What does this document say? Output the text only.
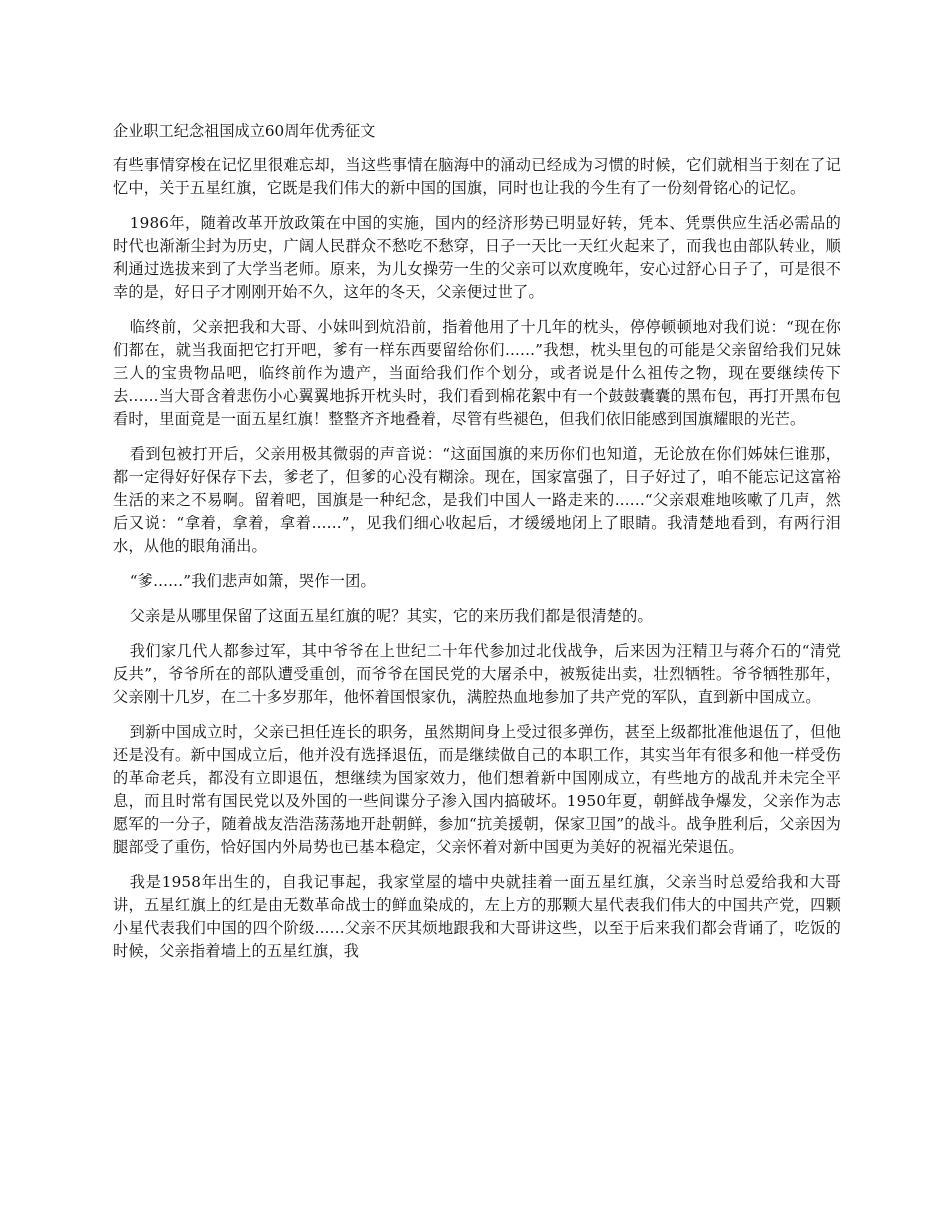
企业职工纪念祖国成立60周年优秀征文

有些事情穿梭在记忆里很难忘却，当这些事情在脑海中的涌动已经成为习惯的时候，它们就相当于刻在了记忆中，关于五星红旗，它既是我们伟大的新中国的国旗，同时也让我的今生有了一份刻骨铭心的记忆。

1986年，随着改革开放政策在中国的实施，国内的经济形势已明显好转，凭本、凭票供应生活必需品的时代也渐渐尘封为历史，广阔人民群众不愁吃不愁穿，日子一天比一天红火起来了，而我也由部队转业，顺利通过选拔来到了大学当老师。原来，为儿女操劳一生的父亲可以欢度晚年，安心过舒心日子了，可是很不幸的是，好日子才刚刚开始不久，这年的冬天，父亲便过世了。

临终前，父亲把我和大哥、小妹叫到炕沿前，指着他用了十几年的枕头，停停顿顿地对我们说：“现在你们都在，就当我面把它打开吧，爹有一样东西要留给你们......”我想，枕头里包的可能是父亲留给我们兄妹三人的宝贵物品吧，临终前作为遗产，当面给我们作个划分，或者说是什么祖传之物，现在要继续传下去......当大哥含着悲伤小心翼翼地拆开枕头时，我们看到棉花絮中有一个鼓鼓囊囊的黑布包，再打开黑布包看时，里面竟是一面五星红旗！整整齐齐地叠着，尽管有些褪色，但我们依旧能感到国旗耀眼的光芒。

看到包被打开后，父亲用极其微弱的声音说：“这面国旗的来历你们也知道，无论放在你们姊妹仨谁那，都一定得好好保存下去，爹老了，但爹的心没有糊涂。现在，国家富强了，日子好过了，咱不能忘记这富裕生活的来之不易啊。留着吧，国旗是一种纪念，是我们中国人一路走来的......“父亲艰难地咳嗽了几声，然后又说：“拿着，拿着，拿着......”，见我们细心收起后，才缓缓地闭上了眼睛。我清楚地看到，有两行泪水，从他的眼角涌出。

“爹......”我们悲声如箫，哭作一团。

父亲是从哪里保留了这面五星红旗的呢？其实，它的来历我们都是很清楚的。

我们家几代人都参过军，其中爷爷在上世纪二十年代参加过北伐战争，后来因为汪精卫与蒋介石的“清党反共”，爷爷所在的部队遭受重创，而爷爷在国民党的大屠杀中，被叛徒出卖，壮烈牺牲。爷爷牺牲那年，父亲刚十几岁，在二十多岁那年，他怀着国恨家仇，满腔热血地参加了共产党的军队，直到新中国成立。

到新中国成立时，父亲已担任连长的职务，虽然期间身上受过很多弹伤，甚至上级都批准他退伍了，但他还是没有。新中国成立后，他并没有选择退伍，而是继续做自己的本职工作，其实当年有很多和他一样受伤的革命老兵，都没有立即退伍，想继续为国家效力，他们想着新中国刚成立，有些地方的战乱并未完全平息，而且时常有国民党以及外国的一些间谍分子渗入国内搞破坏。1950年夏，朝鲜战争爆发，父亲作为志愿军的一分子，随着战友浩浩荡荡地开赴朝鲜，参加“抗美援朝，保家卫国”的战斗。战争胜利后，父亲因为腿部受了重伤，恰好国内外局势也已基本稳定，父亲怀着对新中国更为美好的祝福光荣退伍。

我是1958年出生的，自我记事起，我家堂屋的墙中央就挂着一面五星红旗，父亲当时总爱给我和大哥讲，五星红旗上的红是由无数革命战士的鲜血染成的，左上方的那颗大星代表我们伟大的中国共产党，四颗小星代表我们中国的四个阶级......父亲不厌其烦地跟我和大哥讲这些，以至于后来我们都会背诵了，吃饭的时候，父亲指着墙上的五星红旗，我
